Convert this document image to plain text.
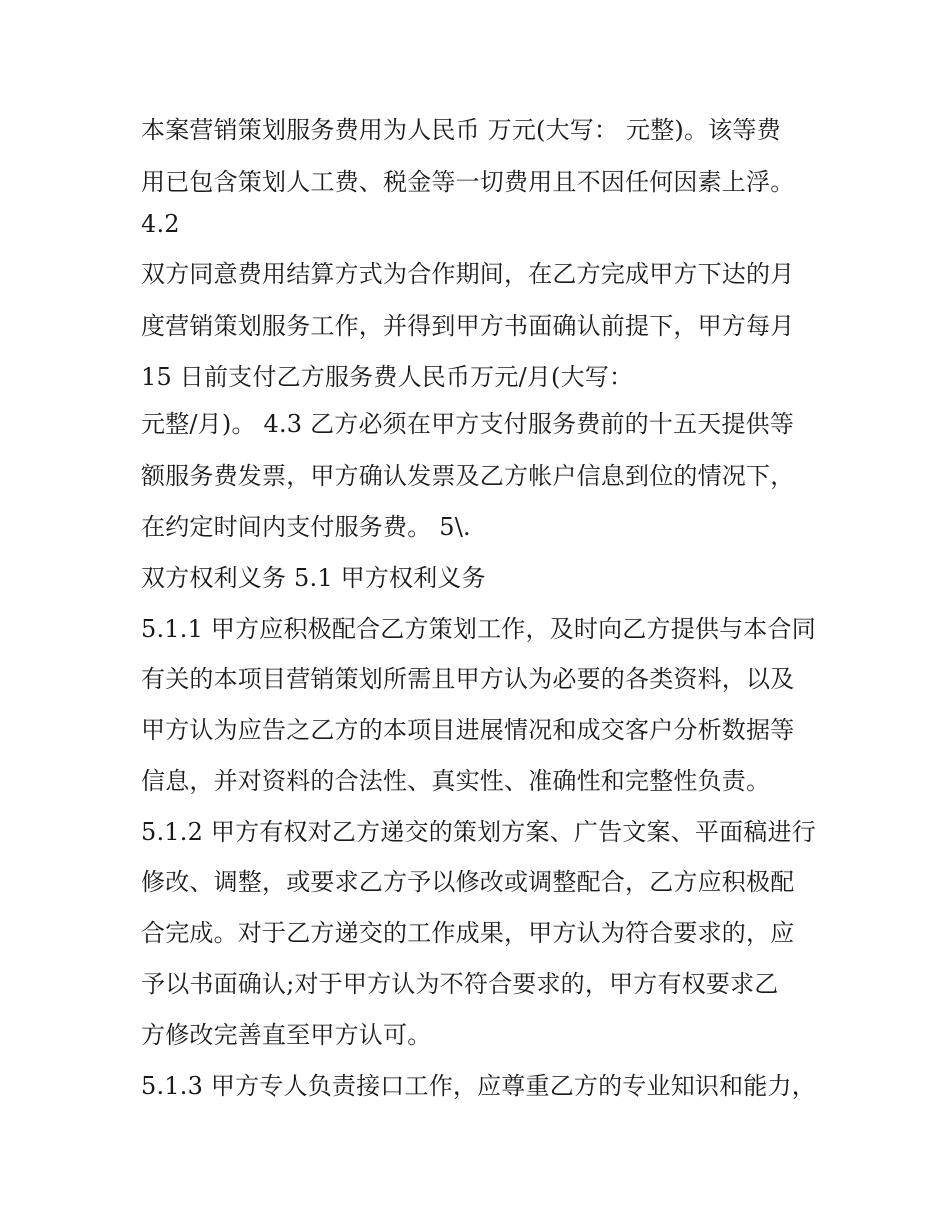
本案营销策划服务费用为人民币 万元(大写： 元整)。该等费

用已包含策划人工费、税金等一切费用且不因任何因素上浮。

4.2

双方同意费用结算方式为合作期间，在乙方完成甲方下达的月

度营销策划服务工作，并得到甲方书面确认前提下，甲方每月

15 日前支付乙方服务费人民币万元/月(大写：

元整/月)。 4.3 乙方必须在甲方支付服务费前的十五天提供等

额服务费发票，甲方确认发票及乙方帐户信息到位的情况下，

在约定时间内支付服务费。 5\.

双方权利义务 5.1 甲方权利义务

5.1.1 甲方应积极配合乙方策划工作，及时向乙方提供与本合同

有关的本项目营销策划所需且甲方认为必要的各类资料，以及

甲方认为应告之乙方的本项目进展情况和成交客户分析数据等

信息，并对资料的合法性、真实性、准确性和完整性负责。

5.1.2 甲方有权对乙方递交的策划方案、广告文案、平面稿进行

修改、调整，或要求乙方予以修改或调整配合，乙方应积极配

合完成。对于乙方递交的工作成果，甲方认为符合要求的，应

予以书面确认;对于甲方认为不符合要求的，甲方有权要求乙

方修改完善直至甲方认可。

5.1.3 甲方专人负责接口工作，应尊重乙方的专业知识和能力，
